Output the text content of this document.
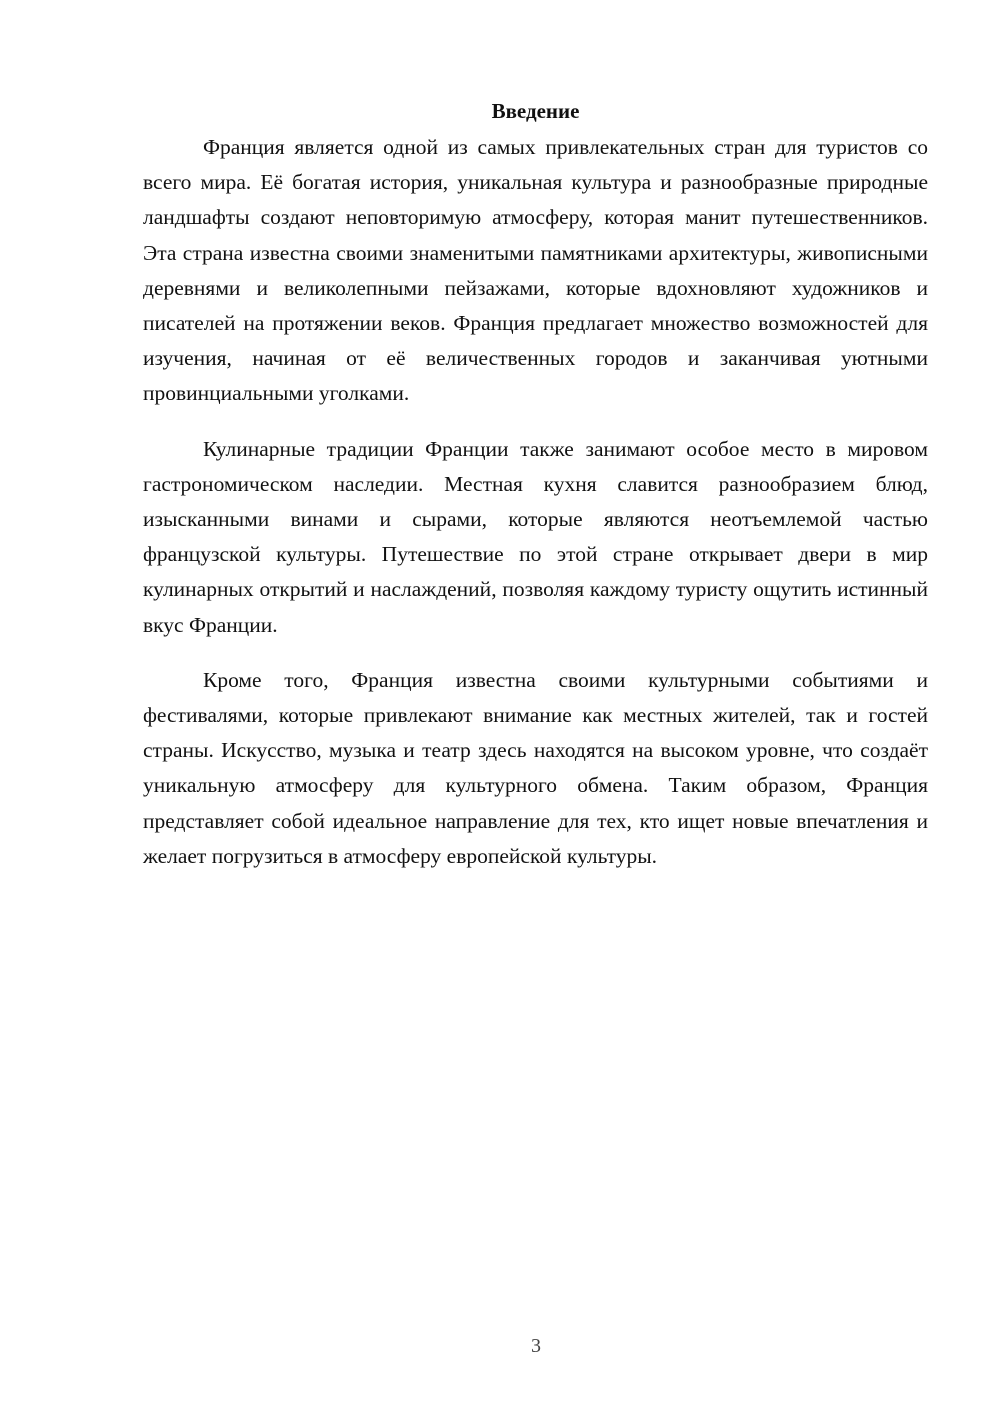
Введение

Франция является одной из самых привлекательных стран для туристов со всего мира. Её богатая история, уникальная культура и разнообразные природные ландшафты создают неповторимую атмосферу, которая манит путешественников. Эта страна известна своими знаменитыми памятниками архитектуры, живописными деревнями и великолепными пейзажами, которые вдохновляют художников и писателей на протяжении веков. Франция предлагает множество возможностей для изучения, начиная от её величественных городов и заканчивая уютными провинциальными уголками.

Кулинарные традиции Франции также занимают особое место в мировом гастрономическом наследии. Местная кухня славится разнообразием блюд, изысканными винами и сырами, которые являются неотъемлемой частью французской культуры. Путешествие по этой стране открывает двери в мир кулинарных открытий и наслаждений, позволяя каждому туристу ощутить истинный вкус Франции.

Кроме того, Франция известна своими культурными событиями и фестивалями, которые привлекают внимание как местных жителей, так и гостей страны. Искусство, музыка и театр здесь находятся на высоком уровне, что создаёт уникальную атмосферу для культурного обмена. Таким образом, Франция представляет собой идеальное направление для тех, кто ищет новые впечатления и желает погрузиться в атмосферу европейской культуры.

3
